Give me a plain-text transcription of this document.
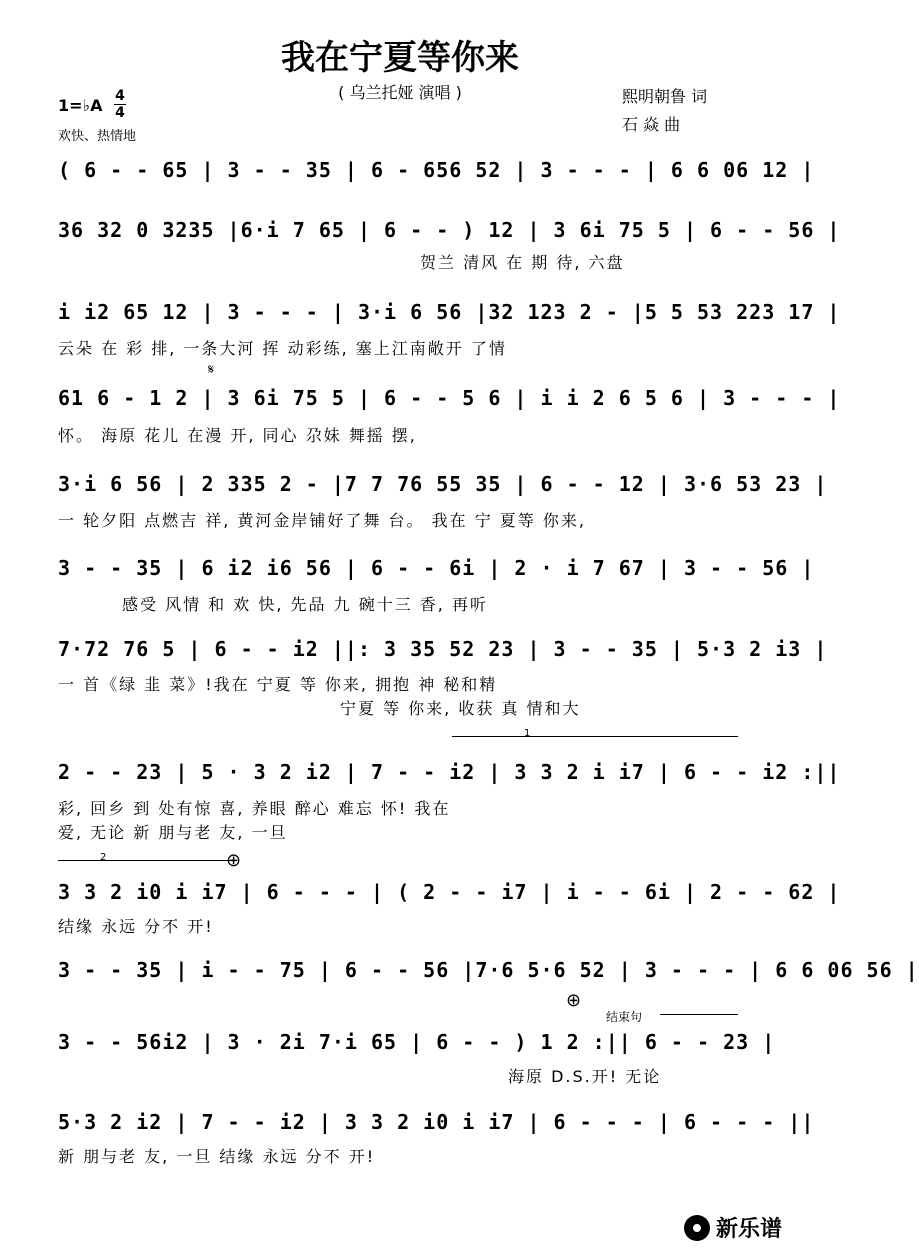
我在宁夏等你来
( 乌兰托娅 演唱 )	熙明朝鲁 词
石 焱 曲
1=♭A 4
4
欢快、热情地
( 6 - - 65 | 3 - - 35 | 6 - 656 52 | 3 - - - | 6 6 06 12 |
36 32 0 3235 |6·i 7 65 | 6 - - ) 12 | 3 6i 75 5 | 6 - - 56 |
贺兰 清风 在 期 待, 六盘
i i2 65 12 | 3 - - - | 3·i 6 56 |32 123 2 - |5 5 53 223 17 |
云朵 在 彩 排, 一条大河 挥 动彩练, 塞上江南敞开 了情
𝄋
61 6 - 1 2 | 3 6i 75 5 | 6 - - 5 6 | i i 2 6 5 6 | 3 - - - |
怀。 海原 花儿 在漫 开, 同心 尕妹 舞摇 摆,
3·i 6 56 | 2 335 2 - |7 7 76 55 35 | 6 - - 12 | 3·6 53 23 |
一 轮夕阳 点燃吉 祥, 黄河金岸铺好了舞 台。 我在 宁 夏等 你来,
3 - - 35 | 6 i2 i6 56 | 6 - - 6i | 2 · i 7 67 | 3 - - 56 |
感受 风情 和 欢 快, 先品 九 碗十三 香, 再听
7·72 76 5 | 6 - - i2 ||: 3 35 52 23 | 3 - - 35 | 5·3 2 i3 |
一 首《绿 韭 菜》!我在 宁夏 等 你来, 拥抱 神 秘和精
宁夏 等 你来, 收获 真 情和大
1
2 - - 23 | 5 · 3 2 i2 | 7 - - i2 | 3 3 2 i i7 | 6 - - i2 :||
彩, 回乡 到 处有惊 喜, 养眼 醉心 难忘 怀! 我在
爱, 无论 新 朋与老 友, 一旦
2	⊕
3 3 2 i0 i i7 | 6 - - - | ( 2 - - i7 | i - - 6i | 2 - - 62 |
结缘 永远 分不 开!
3 - - 35 | i - - 75 | 6 - - 56 |7·6 5·6 52 | 3 - - - | 6 6 06 56 |
⊕
结束句
3 - - 56i2 | 3 · 2i 7·i 65 | 6 - - ) 1 2 :|| 6 - - 23 |
海原 D.S.开! 无论
5·3 2 i2 | 7 - - i2 | 3 3 2 i0 i i7 | 6 - - - | 6 - - - ||
新 朋与老 友, 一旦 结缘 永远 分不 开!
新乐谱
